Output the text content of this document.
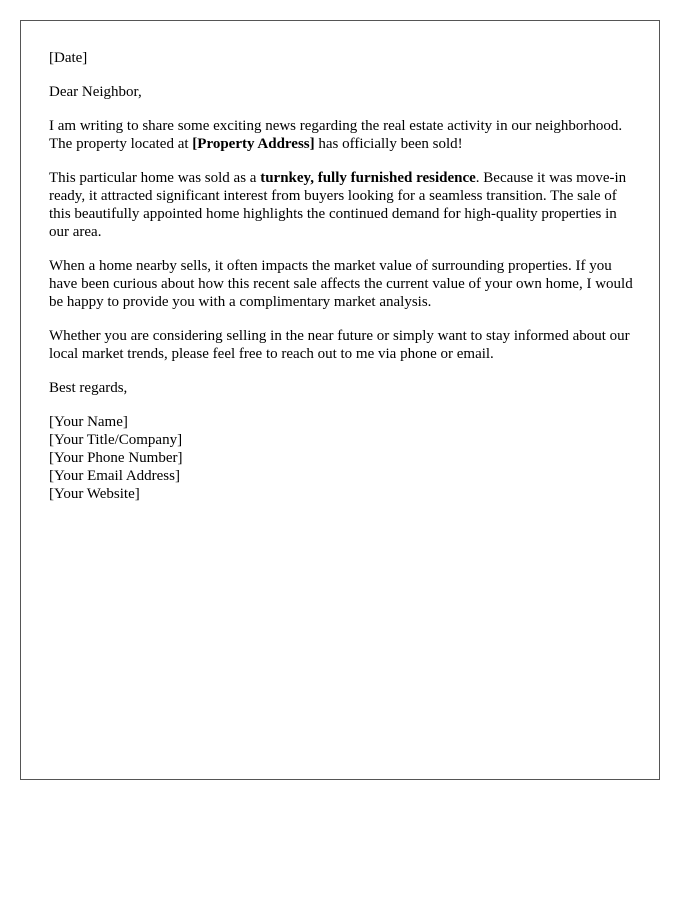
[Date]

Dear Neighbor,

I am writing to share some exciting news regarding the real estate activity in our neighborhood. The property located at [Property Address] has officially been sold!

This particular home was sold as a turnkey, fully furnished residence. Because it was move-in ready, it attracted significant interest from buyers looking for a seamless transition. The sale of this beautifully appointed home highlights the continued demand for high-quality properties in our area.

When a home nearby sells, it often impacts the market value of surrounding properties. If you have been curious about how this recent sale affects the current value of your own home, I would be happy to provide you with a complimentary market analysis.

Whether you are considering selling in the near future or simply want to stay informed about our local market trends, please feel free to reach out to me via phone or email.

Best regards,

[Your Name]
[Your Title/Company]
[Your Phone Number]
[Your Email Address]
[Your Website]
